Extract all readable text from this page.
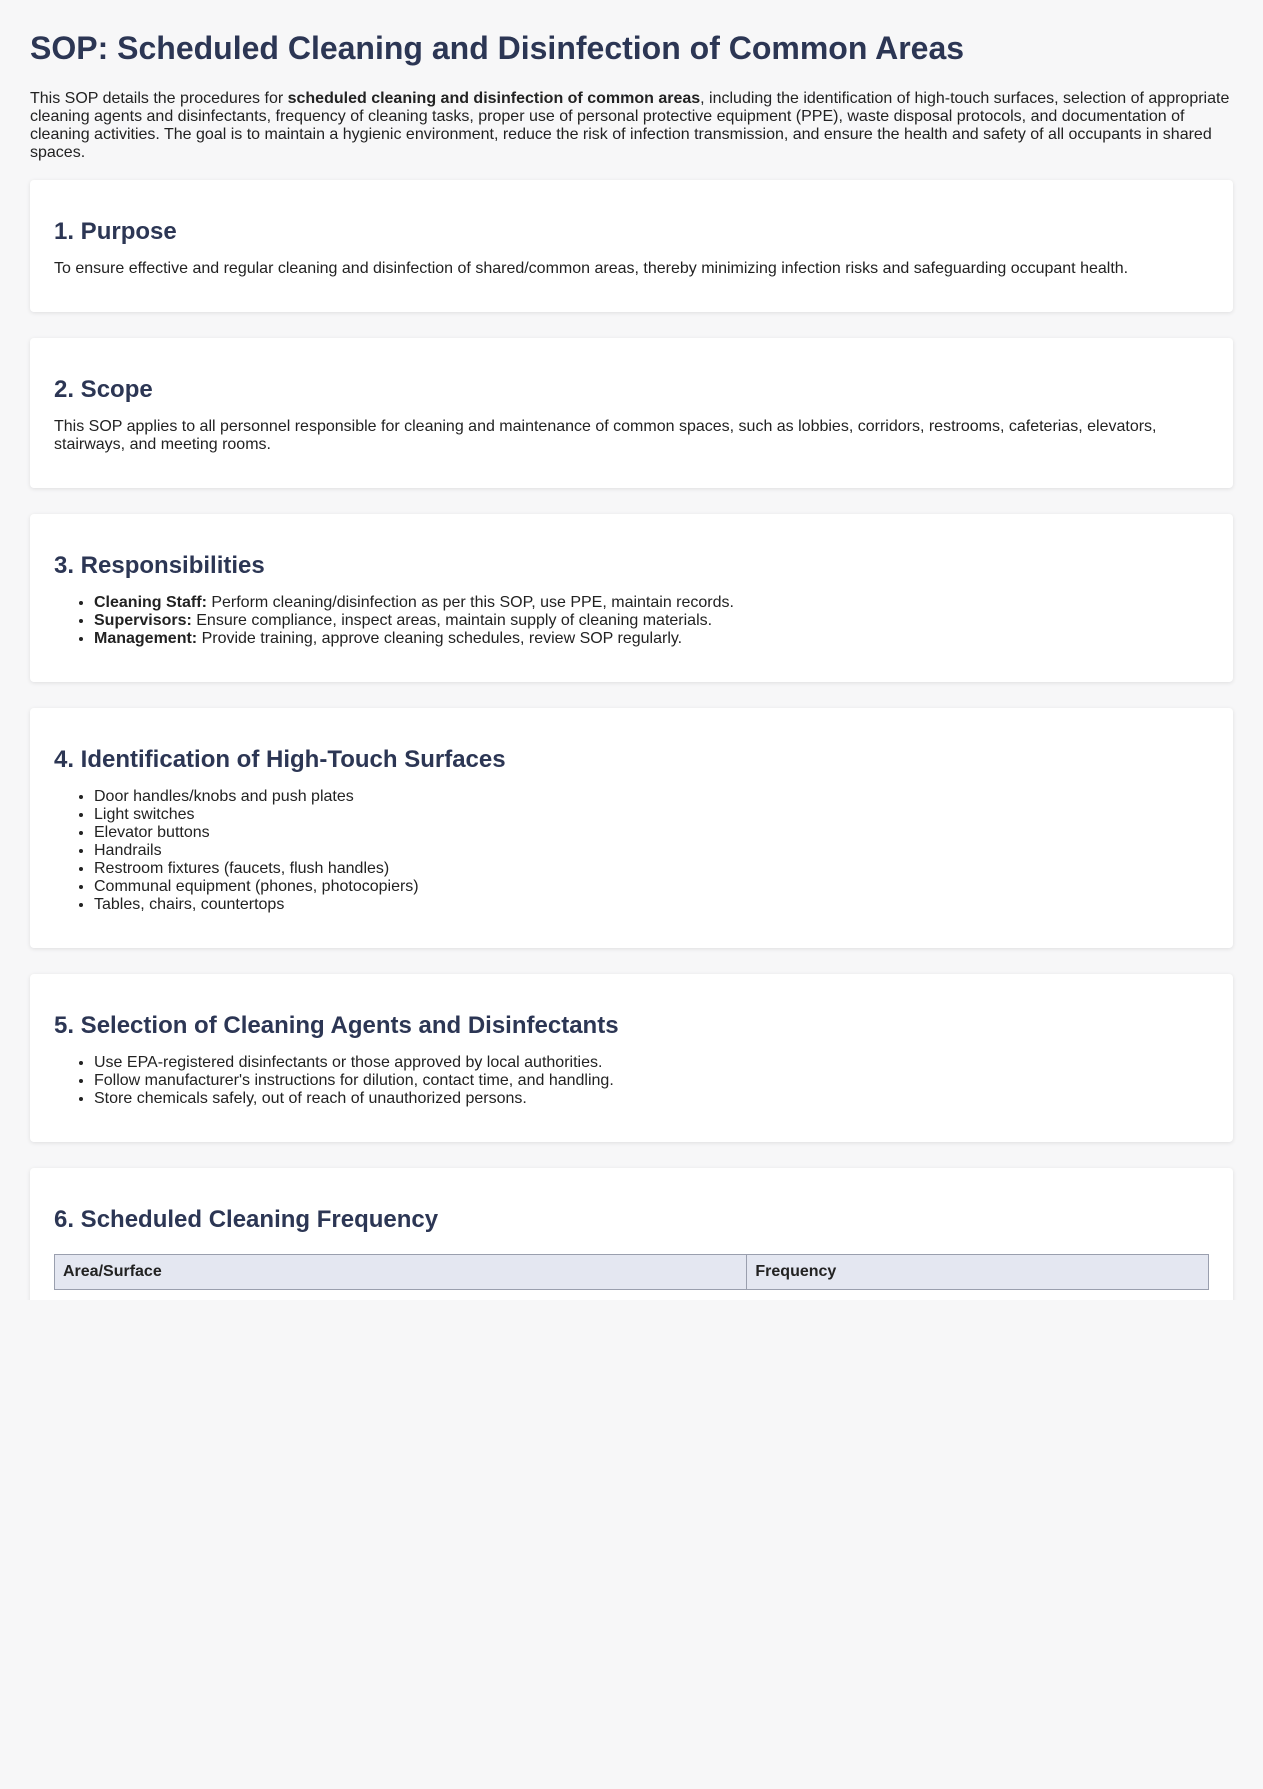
SOP: Scheduled Cleaning and Disinfection of Common Areas

This SOP details the procedures for scheduled cleaning and disinfection of common areas, including the identification of high-touch surfaces, selection of appropriate cleaning agents and disinfectants, frequency of cleaning tasks, proper use of personal protective equipment (PPE), waste disposal protocols, and documentation of cleaning activities. The goal is to maintain a hygienic environment, reduce the risk of infection transmission, and ensure the health and safety of all occupants in shared spaces.

1. Purpose

To ensure effective and regular cleaning and disinfection of shared/common areas, thereby minimizing infection risks and safeguarding occupant health.

2. Scope

This SOP applies to all personnel responsible for cleaning and maintenance of common spaces, such as lobbies, corridors, restrooms, cafeterias, elevators, stairways, and meeting rooms.

3. Responsibilities
• Cleaning Staff: Perform cleaning/disinfection as per this SOP, use PPE, maintain records.
• Supervisors: Ensure compliance, inspect areas, maintain supply of cleaning materials.
• Management: Provide training, approve cleaning schedules, review SOP regularly.
4. Identification of High-Touch Surfaces
• Door handles/knobs and push plates
• Light switches
• Elevator buttons
• Handrails
• Restroom fixtures (faucets, flush handles)
• Communal equipment (phones, photocopiers)
• Tables, chairs, countertops
5. Selection of Cleaning Agents and Disinfectants
• Use EPA-registered disinfectants or those approved by local authorities.
• Follow manufacturer's instructions for dilution, contact time, and handling.
• Store chemicals safely, out of reach of unauthorized persons.
6. Scheduled Cleaning Frequency
Area/Surface	Frequency
